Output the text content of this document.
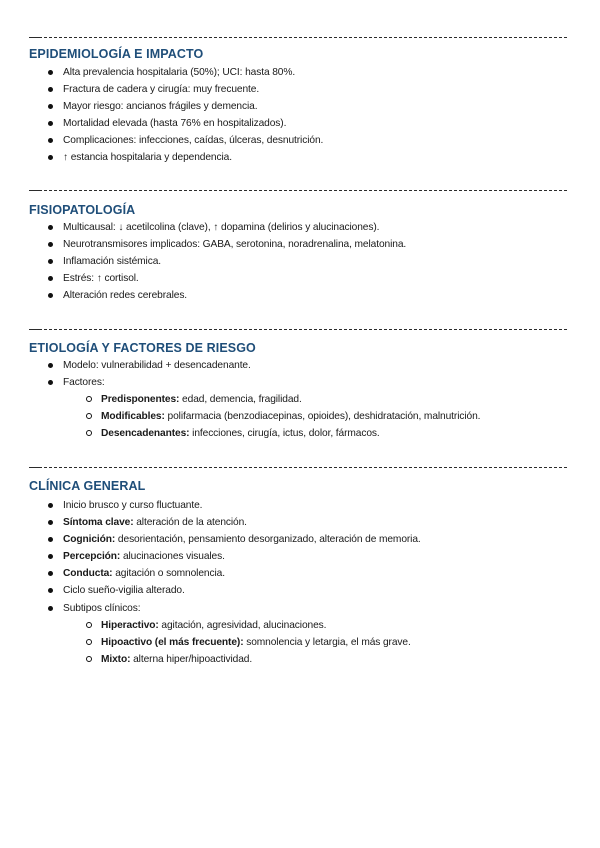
EPIDEMIOLOGÍA E IMPACTO
Alta prevalencia hospitalaria (50%); UCI: hasta 80%.
Fractura de cadera y cirugía: muy frecuente.
Mayor riesgo: ancianos frágiles y demencia.
Mortalidad elevada (hasta 76% en hospitalizados).
Complicaciones: infecciones, caídas, úlceras, desnutrición.
↑ estancia hospitalaria y dependencia.
FISIOPATOLOGÍA
Multicausal: ↓ acetilcolina (clave), ↑ dopamina (delirios y alucinaciones).
Neurotransmisores implicados: GABA, serotonina, noradrenalina, melatonina.
Inflamación sistémica.
Estrés: ↑ cortisol.
Alteración redes cerebrales.
ETIOLOGÍA Y FACTORES DE RIESGO
Modelo: vulnerabilidad + desencadenante.
Factores:
Predisponentes: edad, demencia, fragilidad.
Modificables: polifarmacia (benzodiacepinas, opioides), deshidratación, malnutrición.
Desencadenantes: infecciones, cirugía, ictus, dolor, fármacos.
CLÍNICA GENERAL
Inicio brusco y curso fluctuante.
Síntoma clave: alteración de la atención.
Cognición: desorientación, pensamiento desorganizado, alteración de memoria.
Percepción: alucinaciones visuales.
Conducta: agitación o somnolencia.
Ciclo sueño-vigilia alterado.
Subtipos clínicos:
Hiperactivo: agitación, agresividad, alucinaciones.
Hipoactivo (el más frecuente): somnolencia y letargia, el más grave.
Mixto: alterna hiper/hipoactividad.
